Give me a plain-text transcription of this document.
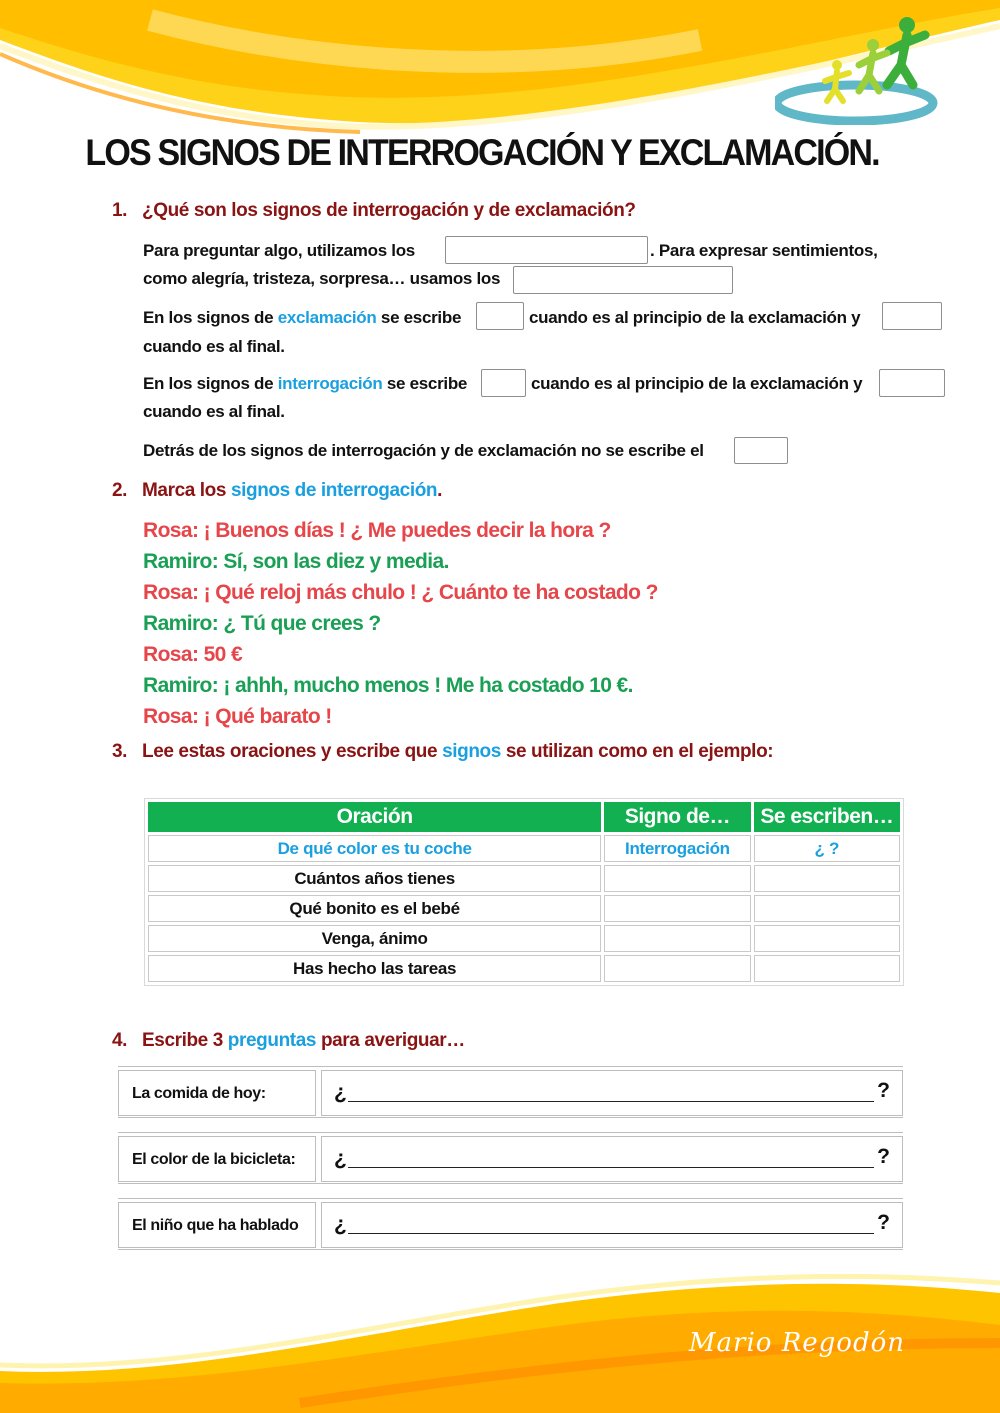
LOS SIGNOS DE INTERROGACIÓN Y EXCLAMACIÓN.
1. ¿Qué son los signos de interrogación y de exclamación?
Para preguntar algo, utilizamos los	. Para expresar sentimientos,
como alegría, tristeza, sorpresa… usamos los
En los signos de exclamación se escribe	cuando es al principio de la exclamación y
cuando es al final.
En los signos de interrogación se escribe	cuando es al principio de la exclamación y
cuando es al final.
Detrás de los signos de interrogación y de exclamación no se escribe el
2. Marca los signos de interrogación.
Rosa: ¡ Buenos días ! ¿ Me puedes decir la hora ?
Ramiro: Sí, son las diez y media.
Rosa: ¡ Qué reloj más chulo ! ¿ Cuánto te ha costado ?
Ramiro: ¿ Tú que crees ?
Rosa: 50 €
Ramiro: ¡ ahhh, mucho menos ! Me ha costado 10 €.
Rosa: ¡ Qué barato !
3. Lee estas oraciones y escribe que signos se utilizan como en el ejemplo:
Oración	Signo de…	Se escriben…
De qué color es tu coche	Interrogación	¿ ?
Cuántos años tienes		
Qué bonito es el bebé		
Venga, ánimo		
Has hecho las tareas		
4. Escribe 3 preguntas para averiguar…
La comida de hoy:	¿	?
El color de la bicicleta:	¿	?
El niño que ha hablado	¿	?
Mario Regodón
